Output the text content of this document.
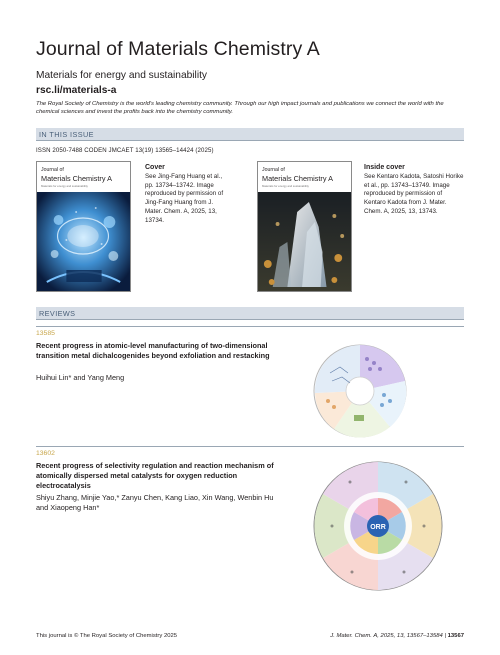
Journal of Materials Chemistry A
Materials for energy and sustainability
rsc.li/materials-a
The Royal Society of Chemistry is the world's leading chemistry community. Through our high impact journals and publications we connect the world with the chemical sciences and invest the profits back into the chemistry community.
IN THIS ISSUE
ISSN 2050-7488 CODEN JMCAET 13(19) 13565–14424 (2025)
Journal of
Materials Chemistry A
Materials for energy and sustainability
Cover
See Jing-Fang Huang et al., pp. 13734–13742. Image reproduced by permission of Jing-Fang Huang from J. Mater. Chem. A, 2025, 13, 13734.
Journal of
Materials Chemistry A
Materials for energy and sustainability
Inside cover
See Kentaro Kadota, Satoshi Horike et al., pp. 13743–13749. Image reproduced by permission of Kentaro Kadota from J. Mater. Chem. A, 2025, 13, 13743.
REVIEWS
13585
Recent progress in atomic-level manufacturing of two-dimensional transition metal dichalcogenides beyond exfoliation and restacking
Huihui Lin* and Yang Meng
13602
Recent progress of selectivity regulation and reaction mechanism of atomically dispersed metal catalysts for oxygen reduction electrocatalysis
Shiyu Zhang, Minjie Yao,* Zanyu Chen, Kang Liao, Xin Wang, Wenbin Hu and Xiaopeng Han*
ORR
This journal is © The Royal Society of Chemistry 2025	J. Mater. Chem. A, 2025, 13, 13567–13584 | 13567
